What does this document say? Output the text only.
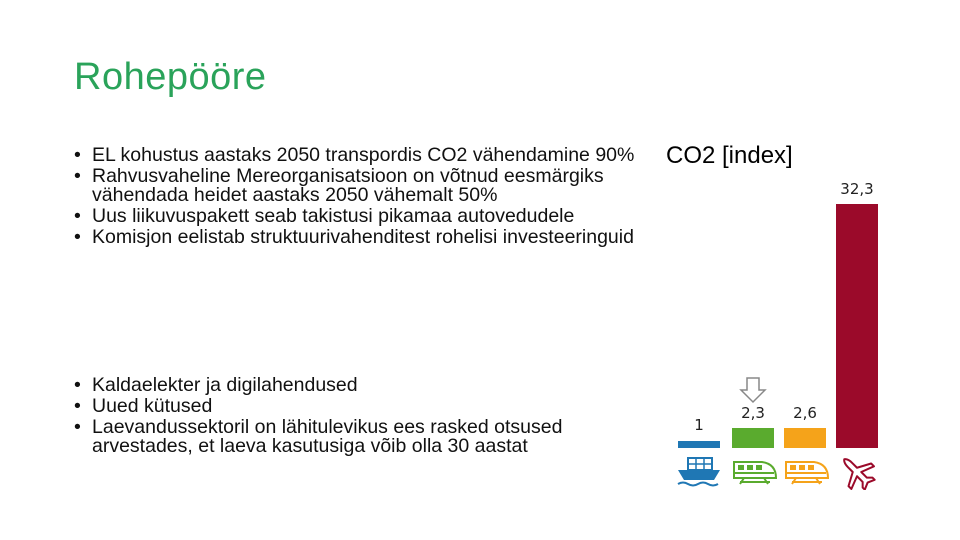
Rohepööre
• EL kohustus aastaks 2050 transpordis CO2 vähendamine 90%
• Rahvusvaheline Mereorganisatsioon on võtnud eesmärgiks vähendada heidet aastaks 2050 vähemalt 50%
• Uus liikuvuspakett seab takistusi pikamaa autovedudele
• Komisjon eelistab struktuurivahenditest rohelisi investeeringuid
• Kaldaelekter ja digilahendused
• Uued kütused
• Laevandussektoril on lähitulevikus ees rasked otsused arvestades, et laeva kasutusiga võib olla 30 aastat
CO2 [index]
1
2,3 2,6
32,3
